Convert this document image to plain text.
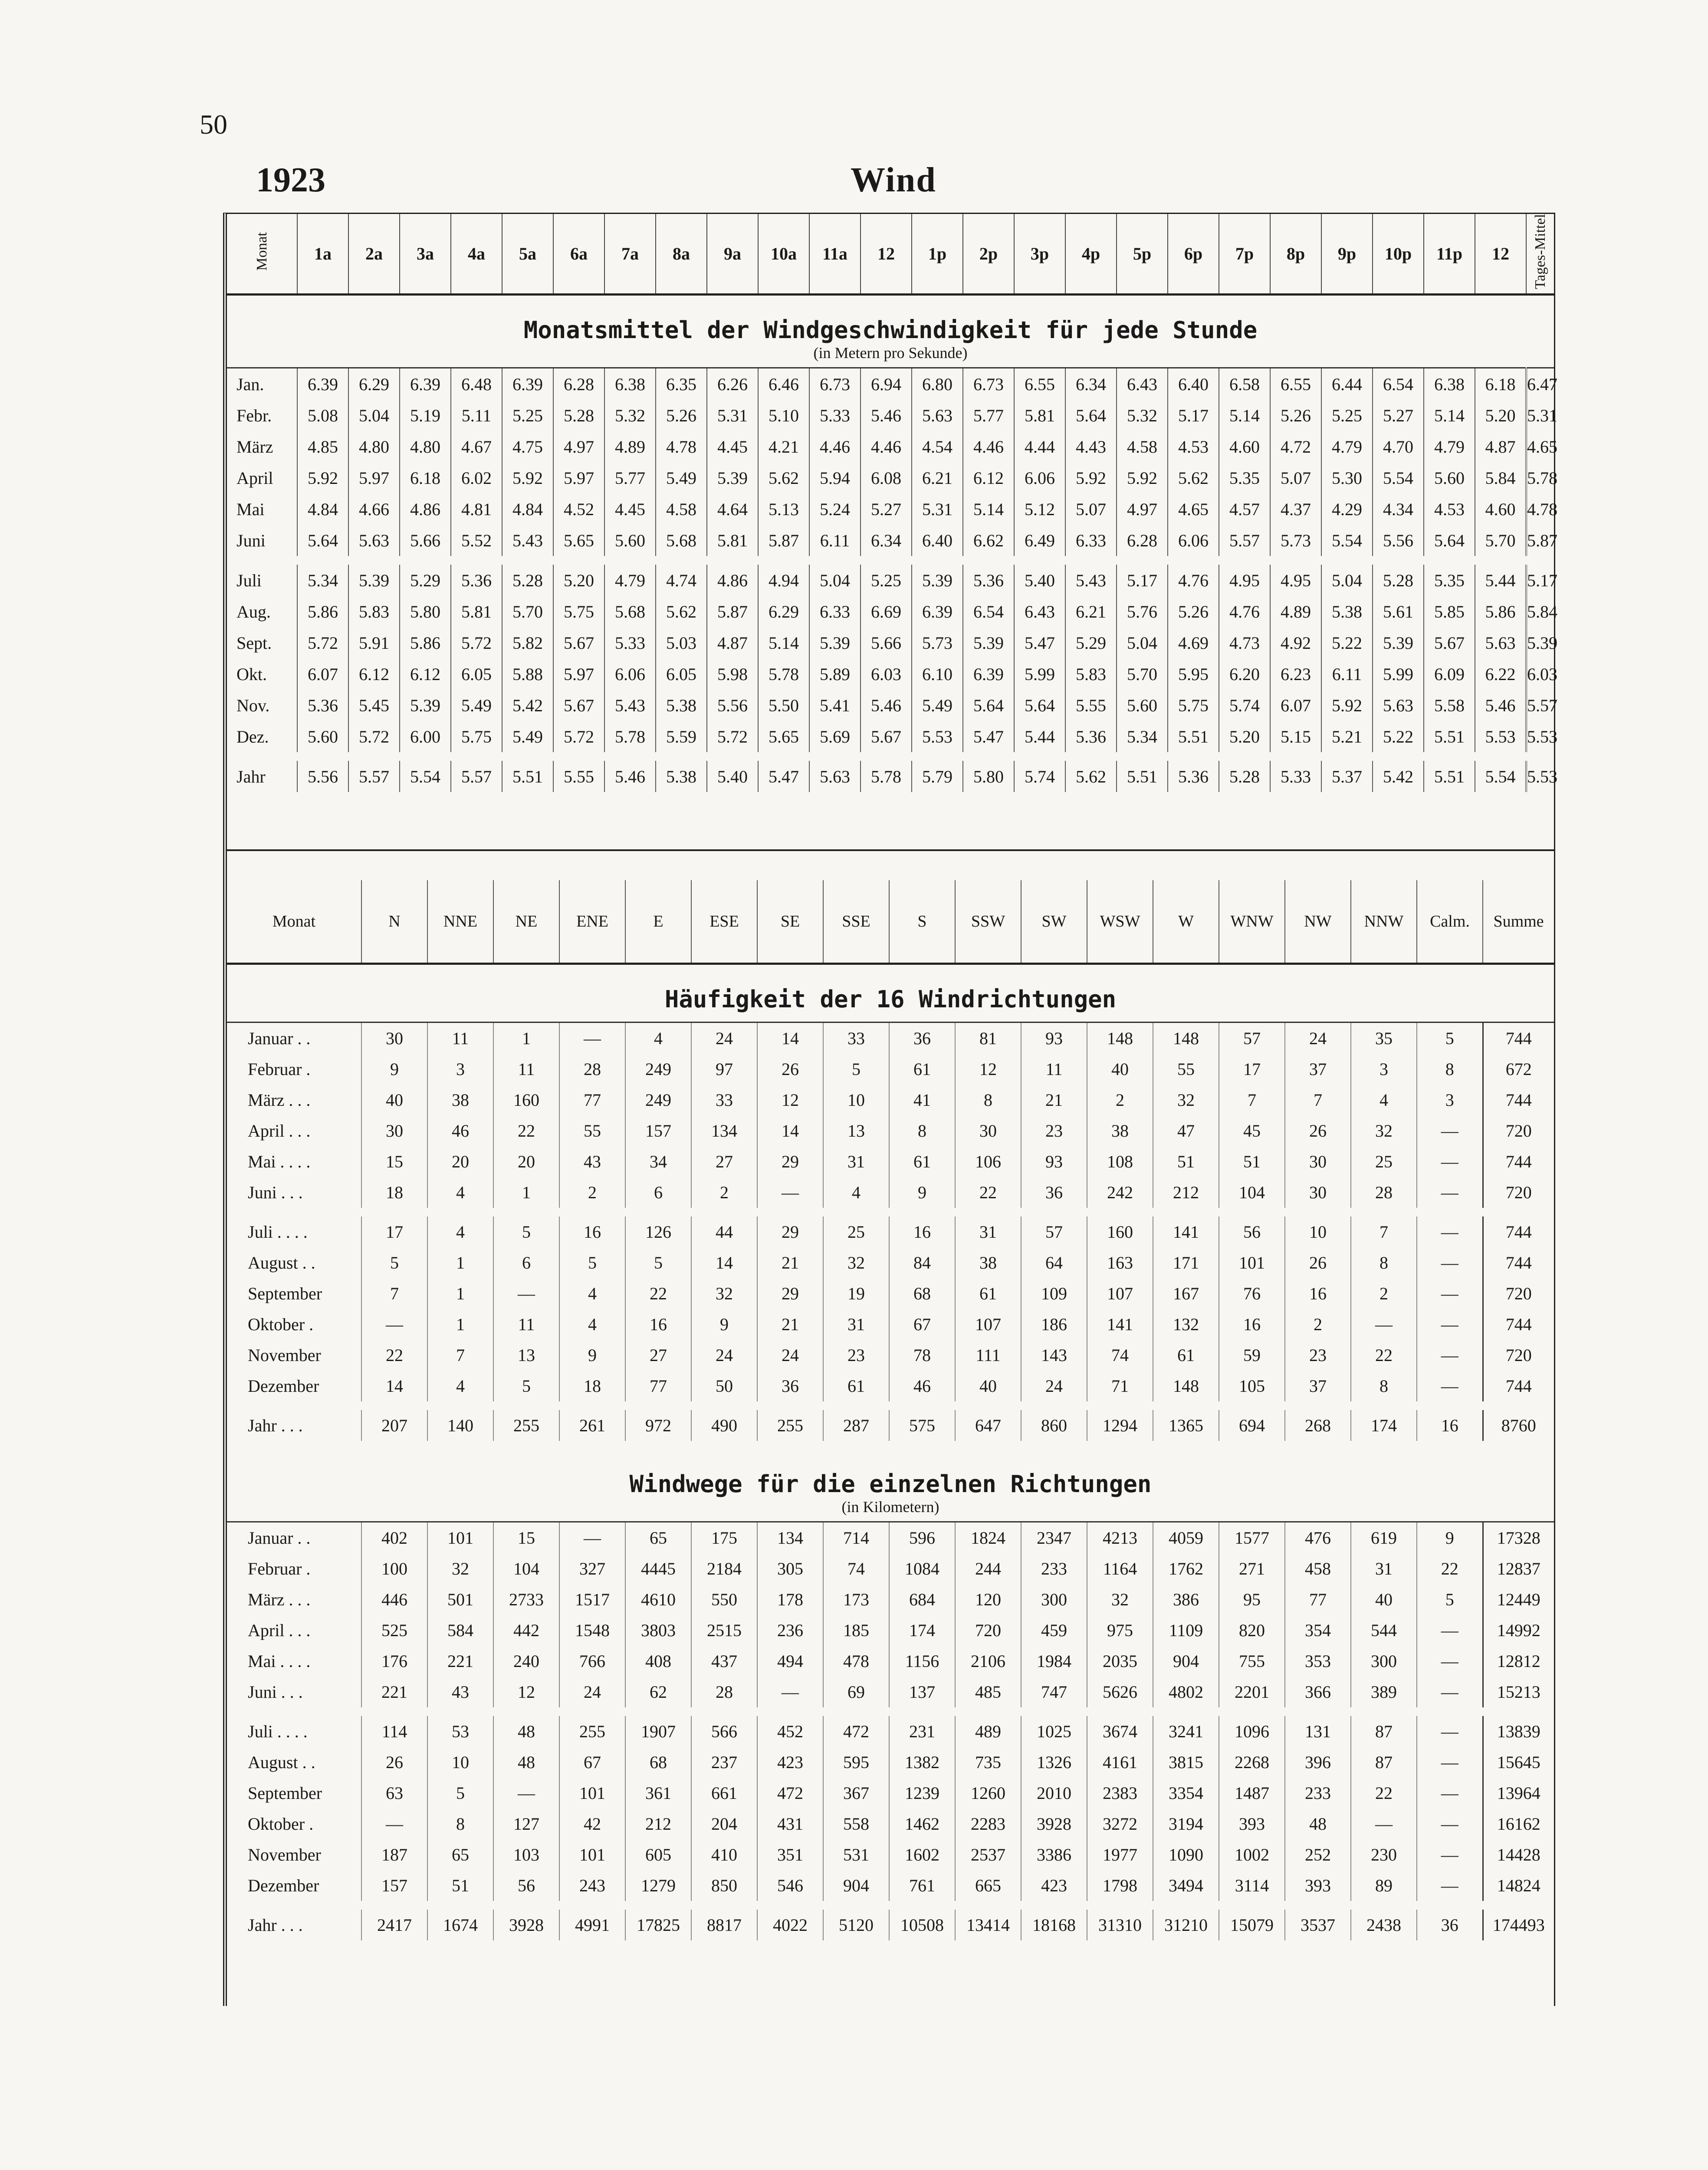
50
1923	Wind
Monat	1a	2a	3a	4a	5a	6a	7a	8a	9a	10a	11a	12	1p	2p	3p	4p	5p	6p	7p	8p	9p	10p	11p	12	Tages-Mittel
Monatsmittel der Windgeschwindigkeit für jede Stunde																									
(in Metern pro Sekunde)																									
Jan.	6.39	6.29	6.39	6.48	6.39	6.28	6.38	6.35	6.26	6.46	6.73	6.94	6.80	6.73	6.55	6.34	6.43	6.40	6.58	6.55	6.44	6.54	6.38	6.18	6.47
Febr.	5.08	5.04	5.19	5.11	5.25	5.28	5.32	5.26	5.31	5.10	5.33	5.46	5.63	5.77	5.81	5.64	5.32	5.17	5.14	5.26	5.25	5.27	5.14	5.20	5.31
März	4.85	4.80	4.80	4.67	4.75	4.97	4.89	4.78	4.45	4.21	4.46	4.46	4.54	4.46	4.44	4.43	4.58	4.53	4.60	4.72	4.79	4.70	4.79	4.87	4.65
April	5.92	5.97	6.18	6.02	5.92	5.97	5.77	5.49	5.39	5.62	5.94	6.08	6.21	6.12	6.06	5.92	5.92	5.62	5.35	5.07	5.30	5.54	5.60	5.84	5.78
Mai	4.84	4.66	4.86	4.81	4.84	4.52	4.45	4.58	4.64	5.13	5.24	5.27	5.31	5.14	5.12	5.07	4.97	4.65	4.57	4.37	4.29	4.34	4.53	4.60	4.78
Juni	5.64	5.63	5.66	5.52	5.43	5.65	5.60	5.68	5.81	5.87	6.11	6.34	6.40	6.62	6.49	6.33	6.28	6.06	5.57	5.73	5.54	5.56	5.64	5.70	5.87

Juli	5.34	5.39	5.29	5.36	5.28	5.20	4.79	4.74	4.86	4.94	5.04	5.25	5.39	5.36	5.40	5.43	5.17	4.76	4.95	4.95	5.04	5.28	5.35	5.44	5.17
Aug.	5.86	5.83	5.80	5.81	5.70	5.75	5.68	5.62	5.87	6.29	6.33	6.69	6.39	6.54	6.43	6.21	5.76	5.26	4.76	4.89	5.38	5.61	5.85	5.86	5.84
Sept.	5.72	5.91	5.86	5.72	5.82	5.67	5.33	5.03	4.87	5.14	5.39	5.66	5.73	5.39	5.47	5.29	5.04	4.69	4.73	4.92	5.22	5.39	5.67	5.63	5.39
Okt.	6.07	6.12	6.12	6.05	5.88	5.97	6.06	6.05	5.98	5.78	5.89	6.03	6.10	6.39	5.99	5.83	5.70	5.95	6.20	6.23	6.11	5.99	6.09	6.22	6.03
Nov.	5.36	5.45	5.39	5.49	5.42	5.67	5.43	5.38	5.56	5.50	5.41	5.46	5.49	5.64	5.64	5.55	5.60	5.75	5.74	6.07	5.92	5.63	5.58	5.46	5.57
Dez.	5.60	5.72	6.00	5.75	5.49	5.72	5.78	5.59	5.72	5.65	5.69	5.67	5.53	5.47	5.44	5.36	5.34	5.51	5.20	5.15	5.21	5.22	5.51	5.53	5.53

Jahr	5.56	5.57	5.54	5.57	5.51	5.55	5.46	5.38	5.40	5.47	5.63	5.78	5.79	5.80	5.74	5.62	5.51	5.36	5.28	5.33	5.37	5.42	5.51	5.54	5.53

Monat	N	NNE	NE	ENE	E	ESE	SE	SSE	S	SSW	SW	WSW	W	WNW	NW	NNW	Calm.	Summe
Häufigkeit der 16 Windrichtungen																		

Januar . .	30	11	1	—	4	24	14	33	36	81	93	148	148	57	24	35	5	744
Februar .	9	3	11	28	249	97	26	5	61	12	11	40	55	17	37	3	8	672
März . . .	40	38	160	77	249	33	12	10	41	8	21	2	32	7	7	4	3	744
April . . .	30	46	22	55	157	134	14	13	8	30	23	38	47	45	26	32	—	720
Mai . . . .	15	20	20	43	34	27	29	31	61	106	93	108	51	51	30	25	—	744
Juni . . .	18	4	1	2	6	2	—	4	9	22	36	242	212	104	30	28	—	720

Juli . . . .	17	4	5	16	126	44	29	25	16	31	57	160	141	56	10	7	—	744
August . .	5	1	6	5	5	14	21	32	84	38	64	163	171	101	26	8	—	744
September	7	1	—	4	22	32	29	19	68	61	109	107	167	76	16	2	—	720
Oktober .	—	1	11	4	16	9	21	31	67	107	186	141	132	16	2	—	—	744
November	22	7	13	9	27	24	24	23	78	111	143	74	61	59	23	22	—	720
Dezember	14	4	5	18	77	50	36	61	46	40	24	71	148	105	37	8	—	744

Jahr . . .	207	140	255	261	972	490	255	287	575	647	860	1294	1365	694	268	174	16	8760

Windwege für die einzelnen Richtungen																		
(in Kilometern)																		
Januar . .	402	101	15	—	65	175	134	714	596	1824	2347	4213	4059	1577	476	619	9	17328
Februar .	100	32	104	327	4445	2184	305	74	1084	244	233	1164	1762	271	458	31	22	12837
März . . .	446	501	2733	1517	4610	550	178	173	684	120	300	32	386	95	77	40	5	12449
April . . .	525	584	442	1548	3803	2515	236	185	174	720	459	975	1109	820	354	544	—	14992
Mai . . . .	176	221	240	766	408	437	494	478	1156	2106	1984	2035	904	755	353	300	—	12812
Juni . . .	221	43	12	24	62	28	—	69	137	485	747	5626	4802	2201	366	389	—	15213

Juli . . . .	114	53	48	255	1907	566	452	472	231	489	1025	3674	3241	1096	131	87	—	13839
August . .	26	10	48	67	68	237	423	595	1382	735	1326	4161	3815	2268	396	87	—	15645
September	63	5	—	101	361	661	472	367	1239	1260	2010	2383	3354	1487	233	22	—	13964
Oktober .	—	8	127	42	212	204	431	558	1462	2283	3928	3272	3194	393	48	—	—	16162
November	187	65	103	101	605	410	351	531	1602	2537	3386	1977	1090	1002	252	230	—	14428
Dezember	157	51	56	243	1279	850	546	904	761	665	423	1798	3494	3114	393	89	—	14824

Jahr . . .	2417	1674	3928	4991	17825	8817	4022	5120	10508	13414	18168	31310	31210	15079	3537	2438	36	174493
